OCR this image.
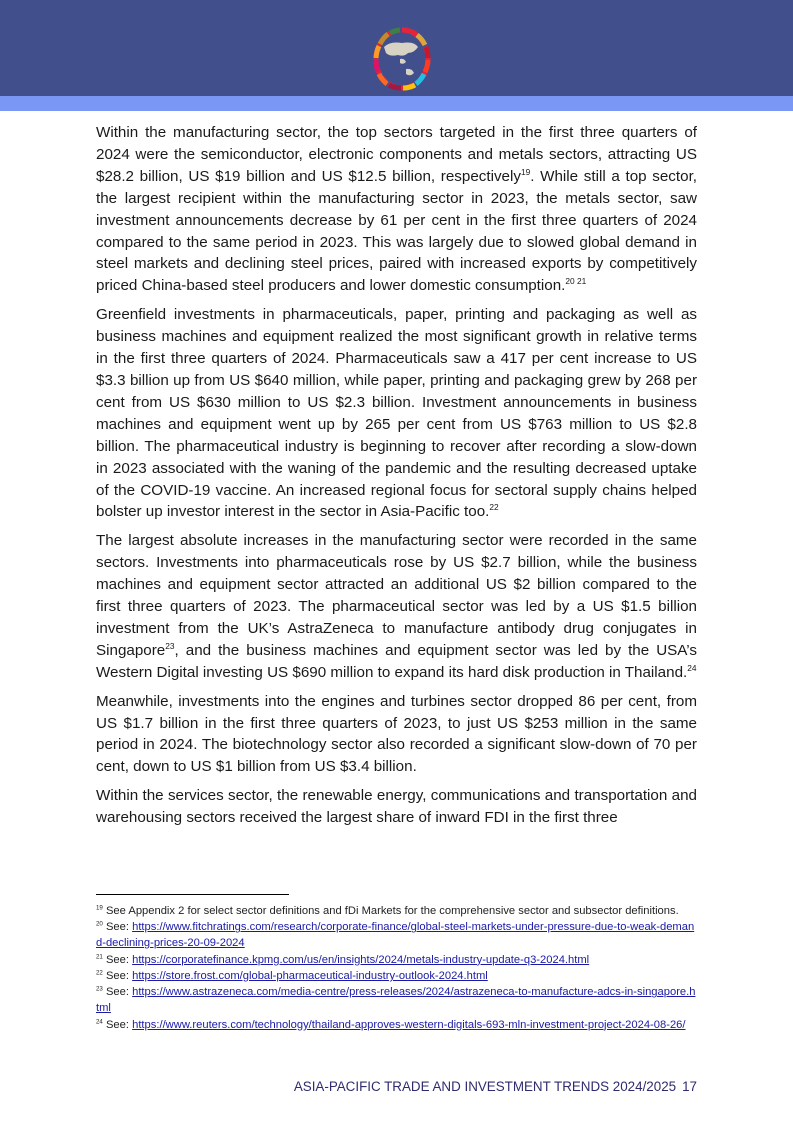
Within the manufacturing sector, the top sectors targeted in the first three quarters of 2024 were the semiconductor, electronic components and metals sectors, attracting US $28.2 billion, US $19 billion and US $12.5 billion, respectively$^{19}$. While still a top sector, the largest recipient within the manufacturing sector in 2023, the metals sector, saw investment announcements decrease by 61 per cent in the first three quarters of 2024 compared to the same period in 2023. This was largely due to slowed global demand in steel markets and declining steel prices, paired with increased exports by competitively priced China-based steel producers and lower domestic consumption.$^{20 21}$

Greenfield investments in pharmaceuticals, paper, printing and packaging as well as business machines and equipment realized the most significant growth in relative terms in the first three quarters of 2024. Pharmaceuticals saw a 417 per cent increase to US $3.3 billion up from US $640 million, while paper, printing and packaging grew by 268 per cent from US $630 million to US $2.3 billion. Investment announcements in business machines and equipment went up by 265 per cent from US $763 million to US $2.8 billion. The pharmaceutical industry is beginning to recover after recording a slow-down in 2023 associated with the waning of the pandemic and the resulting decreased uptake of the COVID-19 vaccine. An increased regional focus for sectoral supply chains helped bolster up investor interest in the sector in Asia-Pacific too.$^{22}$

The largest absolute increases in the manufacturing sector were recorded in the same sectors. Investments into pharmaceuticals rose by US $2.7 billion, while the business machines and equipment sector attracted an additional US $2 billion compared to the first three quarters of 2023. The pharmaceutical sector was led by a US $1.5 billion investment from the UK’s AstraZeneca to manufacture antibody drug conjugates in Singapore$^{23}$, and the business machines and equipment sector was led by the USA’s Western Digital investing US $690 million to expand its hard disk production in Thailand.$^{24}$

Meanwhile, investments into the engines and turbines sector dropped 86 per cent, from US $1.7 billion in the first three quarters of 2023, to just US $253 million in the same period in 2024. The biotechnology sector also recorded a significant slow-down of 70 per cent, down to US $1 billion from US $3.4 billion.

Within the services sector, the renewable energy, communications and transportation and warehousing sectors received the largest share of inward FDI in the first three

$^{19}$ See Appendix 2 for select sector definitions and fDi Markets for the comprehensive sector and subsector definitions.
$^{20}$ See: https://www.fitchratings.com/research/corporate-finance/global-steel-markets-under-pressure-due-to-weak-demand-declining-prices-20-09-2024
$^{21}$ See: https://corporatefinance.kpmg.com/us/en/insights/2024/metals-industry-update-q3-2024.html
$^{22}$ See: https://store.frost.com/global-pharmaceutical-industry-outlook-2024.html
$^{23}$ See: https://www.astrazeneca.com/media-centre/press-releases/2024/astrazeneca-to-manufacture-adcs-in-singapore.html
$^{24}$ See: https://www.reuters.com/technology/thailand-approves-western-digitals-693-mln-investment-project-2024-08-26/
ASIA-PACIFIC TRADE AND INVESTMENT TRENDS 2024/2025 17
